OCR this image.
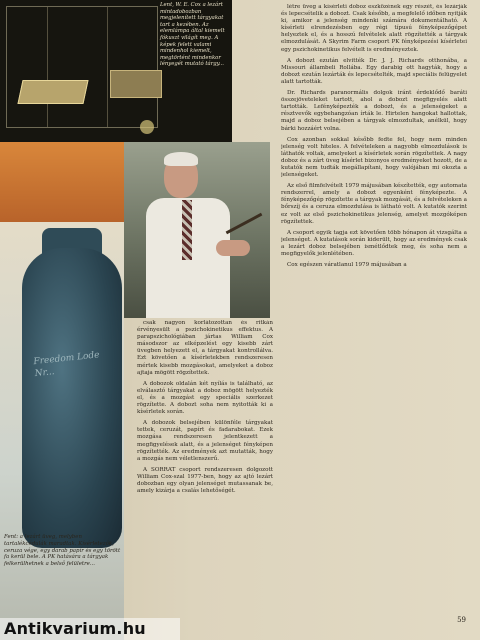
Lent, W. E. Cox a lezárt mintadobozban megjelenített tárgyakat tart a kezében. Az elemlámpa által kiemelt fókuszt világít meg. A képek felett valami mindenhol kiemelt, megtörtént mindenkor lényegét mutató tárgy...
Freedom Lode Nr...
Fent: a lezárt üveg, melyben tartalékcédulák maradtak. Kísérletezők, ceruza vége, egy darab papír és egy törött fa kerül bele. A PK hatására a tárgyak felkerülhetnek a belső felületre...

csak nagyon korlátozottan és ritkán érvényesült a pszichokinetikus effektus. A parapszichológiában jártas William Cox másodszor az elképzelést egy kisebb zárt üvegben helyezett el, a tárgyakat kontrollálva. Ezt követően a kísérletekben rendszeresen mértek kisebb mozgásokat, amelyeket a doboz ajtaja mögött rögzítettek.

A dobozok oldalán két nyílás is található, az elválasztó tárgyakat a doboz mögött helyezték el, és a mozgást egy speciális szerkezet rögzítette. A dobozt soha nem nyitották ki a kísérletek során.

A dobozok belsejében különféle tárgyakat tettek, ceruzát, papírt és fadarabokat. Ezek mozgása rendszeresen jelentkezett a megfigyelések alatt, és a jelenséget fényképen rögzítették. Az eredmények azt mutatták, hogy a mozgás nem véletlenszerű.

A SORRAT csoport rendszeresen dolgozott William Cox-szal 1977-ben, hogy az ajtó lezárt dobozban egy olyan jelenséget mutassanak be, amely kizárja a csalás lehetőségét.

létre üveg a kísérleti doboz eszközének egy részét, és lezárják és lepecsételik a dobozt. Csak később, a megfelelő időben nyitják ki, amikor a jelenség mindenki számára dokumentálható. A kísérleti elrendezésben egy régi típusú fényképezőgépet helyeztek el, és a hosszú felvételek alatt rögzítették a tárgyak elmozdulását. A Skyrim Farm csoport PK fényképezési kísérletei egy pszichokinetikus felvételt is eredményeztek.

A dobozt ezután elvitték Dr. J. J. Richards otthonába, a Missouri állambeli Rollába. Egy darabig ott hagyták, hogy a dobozt ezután lezárták és lepecsételték, majd speciális felügyelet alatt tartották.

Dr. Richards paranormális dolgok iránt érdeklődő baráti összejöveteleket tartott, ahol a dobozt megfigyelés alatt tartották. Lefényképezték a dobozt, és a jelenségeket a résztvevők egybehangzóan írták le. Hirtelen hangokat hallottak, majd a doboz belsejében a tárgyak elmozdultak, anélkül, hogy bárki hozzáért volna.

Cox azonban sokkal később fedte fel, hogy nem minden jelenség volt hiteles. A felvételeken a nagyobb elmozdulások is láthatók voltak, amelyeket a kísérletek során rögzítettek. A nagy doboz és a zárt üveg kísérlet bizonyos eredményeket hozott, de a kutatók nem tudták megállapítani, hogy valójában mi okozta a jelenségeket.

Az első filmfelvételt 1979 májusában készítették, egy automata rendszerrel, amely a dobozt egyenként fényképezte. A fényképezőgép rögzítette a tárgyak mozgását, és a felvételeken a bőrszíj és a ceruza elmozdulása is látható volt. A kutatók szerint ez volt az első pszichokinetikus jelenség, amelyet mozgóképen rögzítettek.

A csoport egyik tagja ezt követően több hónapon át vizsgálta a jelenséget. A kutatások során kiderült, hogy az eredmények csak a lezárt doboz belsejében ismétlődtek meg, és soha nem a megfigyelők jelenlétében.

Cox egészen váratlanul 1979 májusában a

59
Antikvarium.hu
